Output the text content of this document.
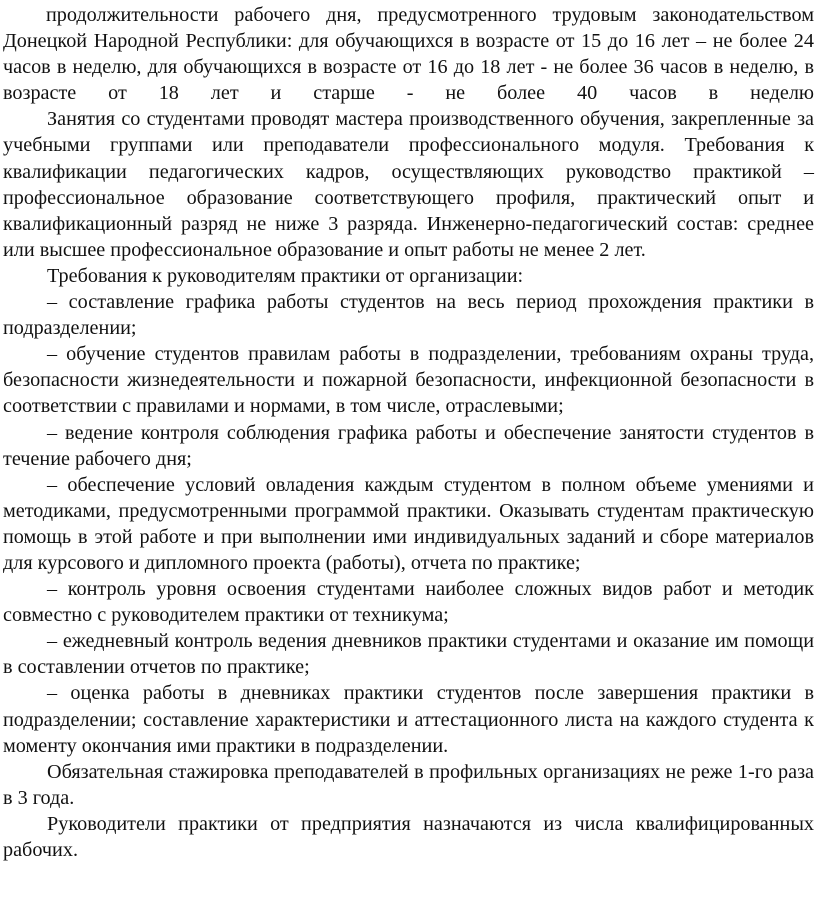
продолжительности рабочего дня, предусмотренного трудовым законодательством Донецкой Народной Республики: для обучающихся в возрасте от 15 до 16 лет – не более 24 часов в неделю, для обучающихся в возрасте от 16 до 18 лет - не более 36 часов в неделю, в возрасте от 18 лет и старше - не более 40 часов в неделю

Занятия со студентами проводят мастера производственного обучения, закрепленные за учебными группами или преподаватели профессионального модуля. Требования к квалификации педагогических кадров, осуществляющих руководство практикой – профессиональное образование соответствующего профиля, практический опыт и квалификационный разряд не ниже 3 разряда. Инженерно-педагогический состав: среднее или высшее профессиональное образование и опыт работы не менее 2 лет.

Требования к руководителям практики от организации:

– составление графика работы студентов на весь период прохождения практики в подразделении;

– обучение студентов правилам работы в подразделении, требованиям охраны труда, безопасности жизнедеятельности и пожарной безопасности, инфекционной безопасности в соответствии с правилами и нормами, в том числе, отраслевыми;

– ведение контроля соблюдения графика работы и обеспечение занятости студентов в течение рабочего дня;

– обеспечение условий овладения каждым студентом в полном объеме умениями и методиками, предусмотренными программой практики. Оказывать студентам практическую помощь в этой работе и при выполнении ими индивидуальных заданий и сборе материалов для курсового и дипломного проекта (работы), отчета по практике;

– контроль уровня освоения студентами наиболее сложных видов работ и методик совместно с руководителем практики от техникума;

– ежедневный контроль ведения дневников практики студентами и оказание им помощи в составлении отчетов по практике;

– оценка работы в дневниках практики студентов после завершения практики в подразделении; составление характеристики и аттестационного листа на каждого студента к моменту окончания ими практики в подразделении.

Обязательная стажировка преподавателей в профильных организациях не реже 1-го раза в 3 года.

Руководители практики от предприятия назначаются из числа квалифицированных рабочих.
